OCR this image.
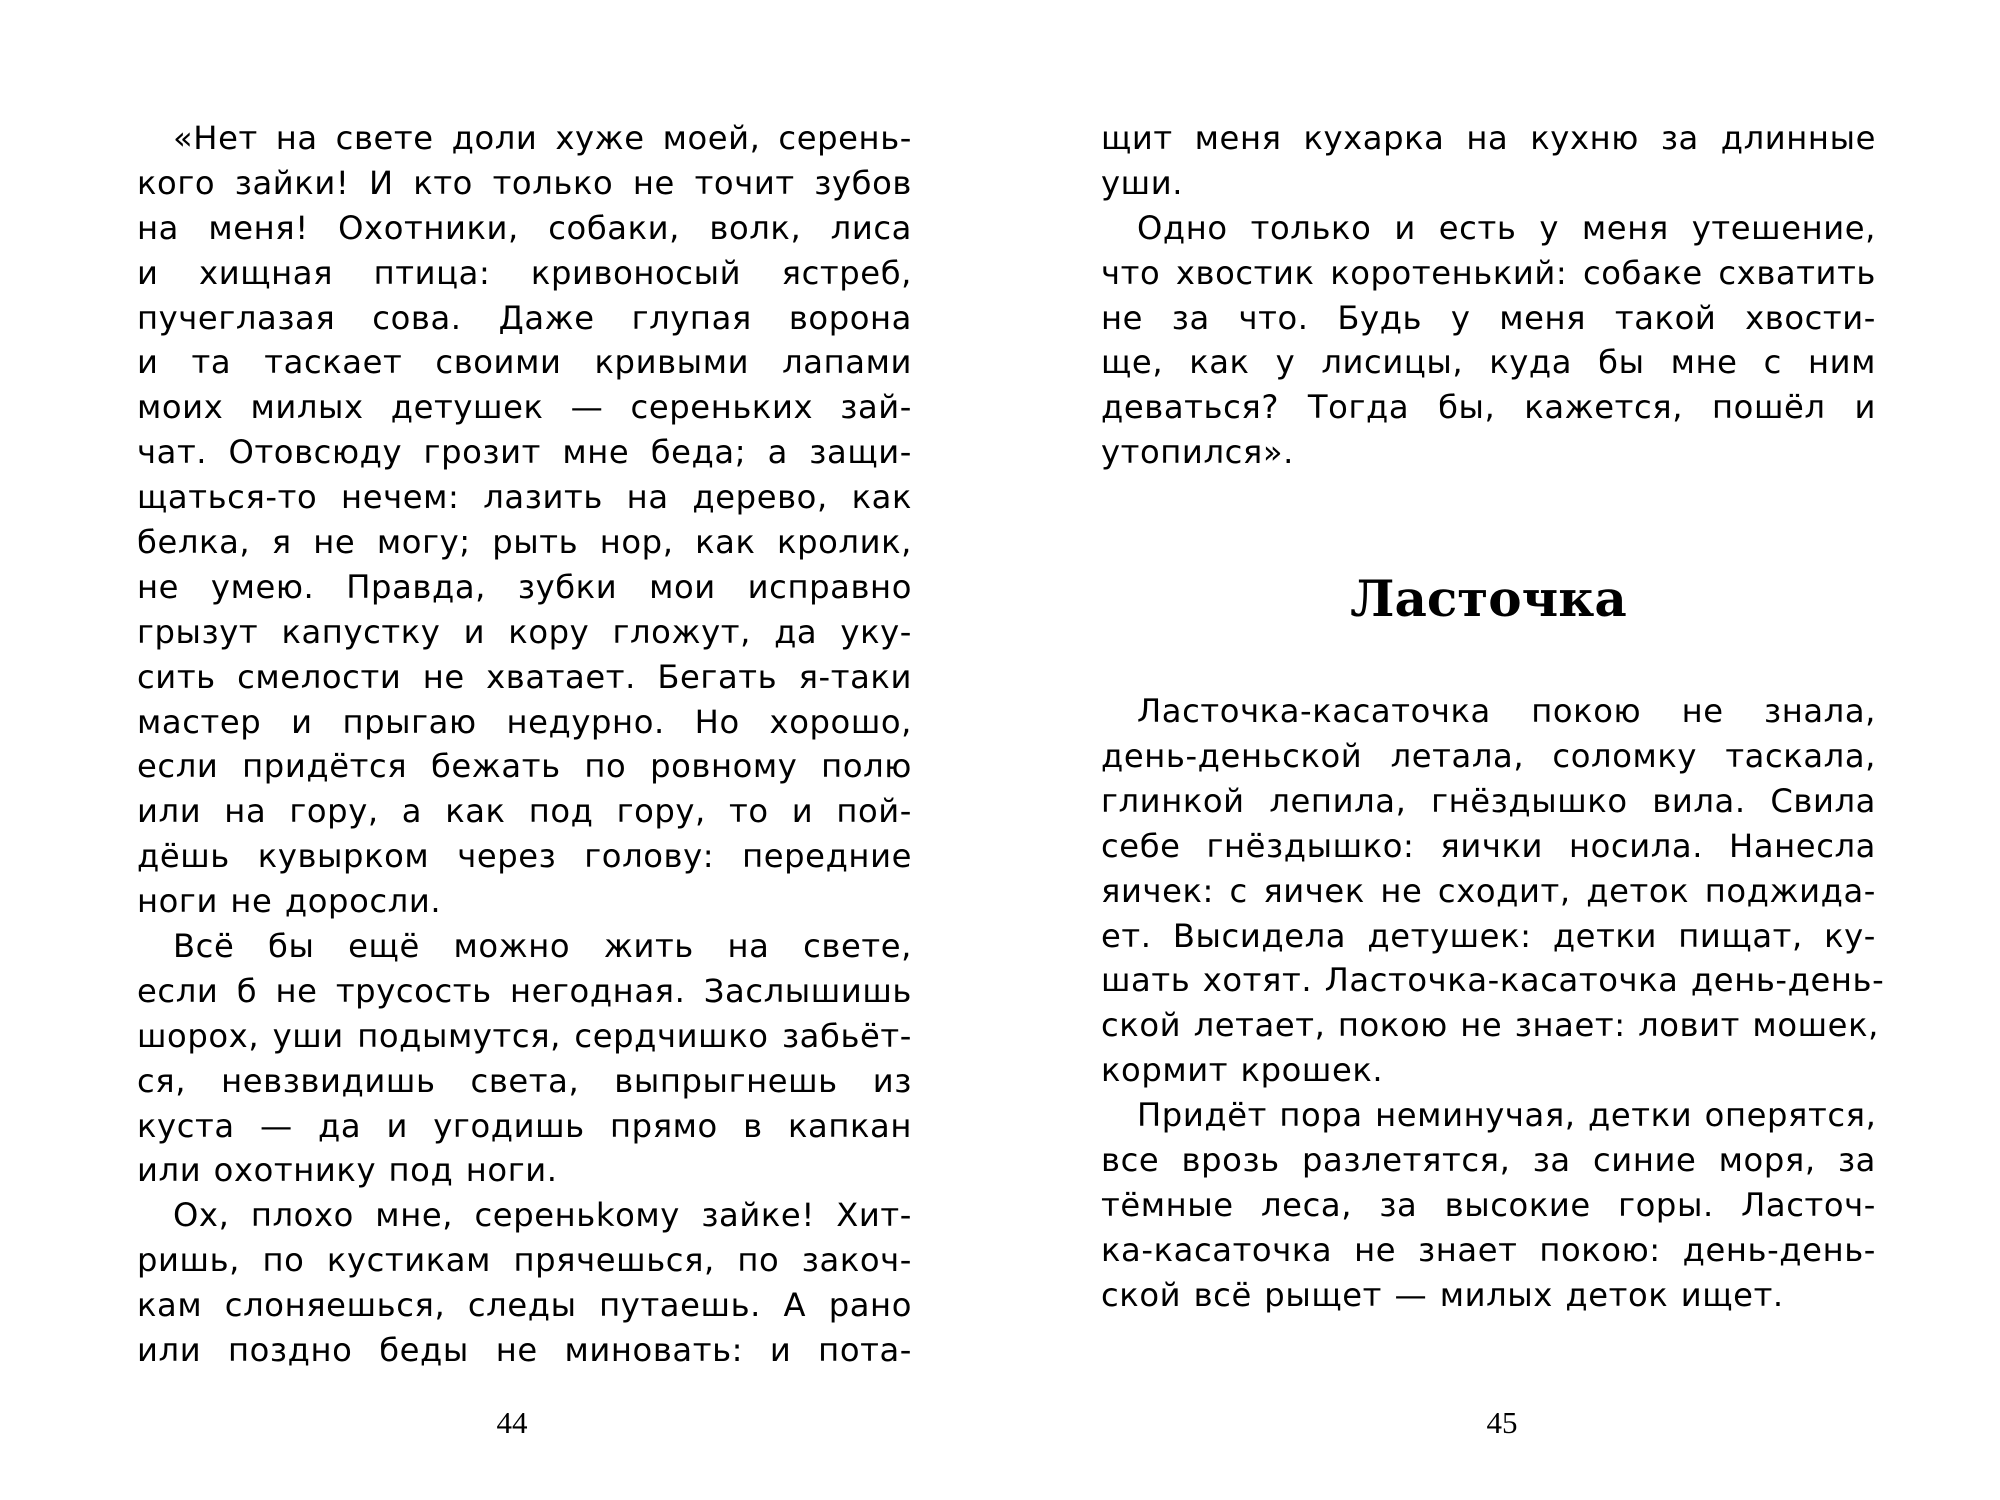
«Нет на свете доли хуже моей, серень-
кого зайки! И кто только не точит зубов
на меня! Охотники, собаки, волк, лиса
и хищная птица: кривоносый ястреб,
пучеглазая сова. Даже глупая ворона
и та таскает своими кривыми лапами
моих милых детушек — сереньких зай-
чат. Отовсюду грозит мне беда; а защи-
щаться-то нечем: лазить на дерево, как
белка, я не могу; рыть нор, как кролик,
не умею. Правда, зубки мои исправно
грызут капустку и кору гложут, да уку-
сить смелости не хватает. Бегать я-таки
мастер и прыгаю недурно. Но хорошо,
если придётся бежать по ровному полю
или на гору, а как под гору, то и пой-
дёшь кувырком через голову: передние
ноги не доросли.
Всё бы ещё можно жить на свете,
если б не трусость негодная. Заслышишь
шорох, уши подымутся, сердчишко забьёт-
ся, невзвидишь света, выпрыгнешь из
куста — да и угодишь прямо в капкан
или охотнику под ноги.
Ох, плохо мне, сереньkому зайке! Хит-
ришь, по кустикам прячешься, по закоч-
кам слоняешься, следы путаешь. А рано
или поздно беды не миновать: и пота-
44
щит меня кухарка на кухню за длинные
уши.
Одно только и есть у меня утешение,
что хвостик коротенький: собаке схватить
не за что. Будь у меня такой хвости-
ще, как у лисицы, куда бы мне с ним
деваться? Тогда бы, кажется, пошёл и
утопился».
Ласточка
Ласточка-касаточка покою не знала,
день-деньской летала, соломку таскала,
глинкой лепила, гнёздышко вила. Свила
себе гнёздышко: яички носила. Нанесла
яичек: с яичек не сходит, деток поджида-
ет. Высидела детушек: детки пищат, ку-
шать хотят. Ласточка-касаточка день-день-
ской летает, покою не знает: ловит мошек,
кормит крошек.
Придёт пора неминучая, детки оперятся,
все врозь разлетятся, за синие моря, за
тёмные леса, за высокие горы. Ласточ-
ка-касаточка не знает покою: день-день-
ской всё рыщет — милых деток ищет.
45
